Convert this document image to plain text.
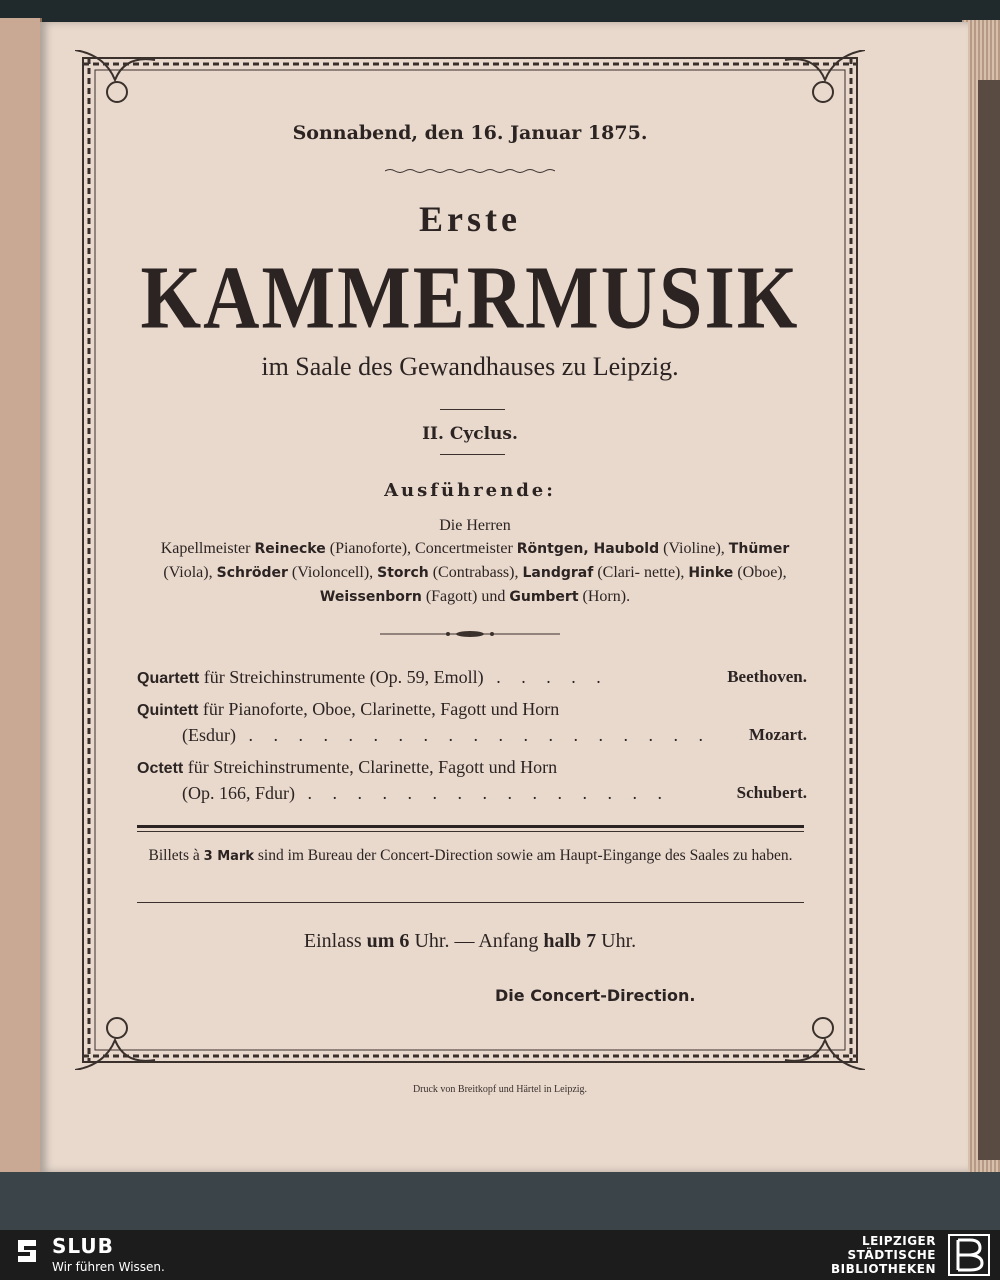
Sonnabend, den 16. Januar 1875.
Erste
KAMMERMUSIK
im Saale des Gewandhauses zu Leipzig.
II. Cyclus.
Ausführende:
Die Herren
Kapellmeister Reinecke (Pianoforte), Concertmeister Röntgen, Haubold (Violine), Thümer (Viola), Schröder (Violoncell), Storch (Contrabass), Landgraf (Clari- nette), Hinke (Oboe), Weissenborn (Fagott) und Gumbert (Horn).
Quartett für Streichinstrumente (Op. 59, Emoll) . . . . .	Beethoven.
Quintett für Pianoforte, Oboe, Clarinette, Fagott und Horn
(Esdur) . . . . . . . . . . . . . . . . . . . Mozart.
Octett für Streichinstrumente, Clarinette, Fagott und Horn
(Op. 166, Fdur) . . . . . . . . . . . . . . .	Schubert.
Billets à 3 Mark sind im Bureau der Concert-Direction sowie am Haupt-Eingange des Saales zu haben.
Einlass um 6 Uhr. — Anfang halb 7 Uhr.
Die Concert-Direction.
Druck von Breitkopf und Härtel in Leipzig.
SLUB
Wir führen Wissen.
LEIPZIGER
STÄDTISCHE
BIBLIOTHEKEN
